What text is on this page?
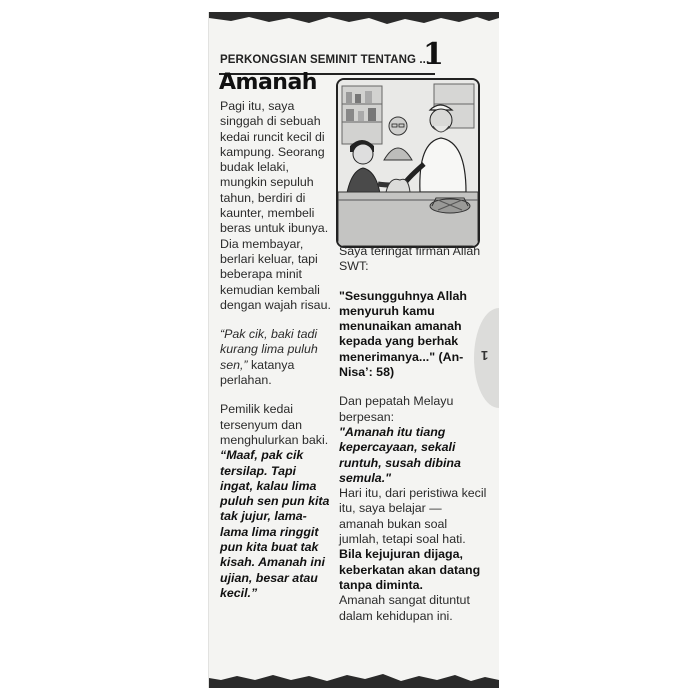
PERKONGSIAN SEMINIT TENTANG ...
1
Amanah

Pagi itu, saya singgah di sebuah kedai runcit kecil di kampung. Seorang budak lelaki, mungkin sepuluh tahun, berdiri di kaunter, membeli beras untuk ibunya. Dia membayar, berlari keluar, tapi beberapa minit kemudian kembali dengan wajah risau.

“Pak cik, baki tadi kurang lima puluh sen,” katanya perlahan.

Pemilik kedai tersenyum dan menghulurkan baki. “Maaf, pak cik tersilap. Tapi ingat, kalau lima puluh sen pun kita tak jujur, lama-lama lima ringgit pun kita buat tak kisah. Amanah ini ujian, besar atau kecil.”

Saya teringat firman Allah SWT:

"Sesungguhnya Allah menyuruh kamu menunaikan amanah kepada yang berhak menerimanya..." (An-Nisa’: 58)

Dan pepatah Melayu berpesan:

"Amanah itu tiang kepercayaan, sekali runtuh, susah dibina semula."

Hari itu, dari peristiwa kecil itu, saya belajar — amanah bukan soal jumlah, tetapi soal hati. Bila kejujuran dijaga, keberkatan akan datang tanpa diminta.

Amanah sangat dituntut dalam kehidupan ini.

1
